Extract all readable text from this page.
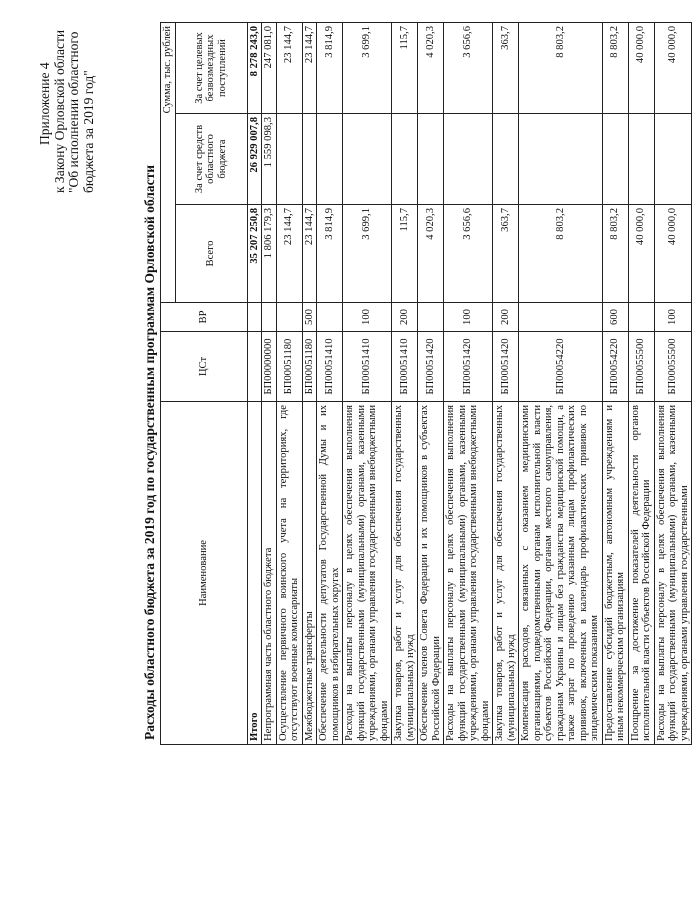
Приложение 4 к Закону Орловской области "Об исполнении областного бюджета за 2019 год"
Расходы областного бюджета за 2019 год по государственным программам Орловской области	Наименование	ЦСт	ВР	Сумма, тыс. рублей		
			Всего	За счет средств областного бюджета	За счет целевых безвозмездных поступлений
Итого			35 207 250,8	26 929 007,8	8 278 243,0
Непрограммная часть областного бюджета	БП00000000		1 806 179,3	1 559 098,3	247 081,0
Осуществление первичного воинского учета на территориях, где отсутствуют военные комиссариаты	БП00051180		23 144,7		23 144,7
Межбюджетные трансферты	БП00051180	500	23 144,7		23 144,7
Обеспечение деятельности депутатов Государственной Думы и их помощников в избирательных округах	БП00051410		3 814,9		3 814,9
Расходы на выплаты персоналу в целях обеспечения выполнения функций государственными (муниципальными) органами, казенными учреждениями, органами управления государственными внебюджетными фондами	БП00051410	100	3 699,1		3 699,1
Закупка товаров, работ и услуг для обеспечения государственных (муниципальных) нужд	БП00051410	200	115,7		115,7
Обеспечение членов Совета Федерации и их помощников в субъектах Российской Федерации	БП00051420		4 020,3		4 020,3
Расходы на выплаты персоналу в целях обеспечения выполнения функций государственными (муниципальными) органами, казенными учреждениями, органами управления государственными внебюджетными фондами	БП00051420	100	3 656,6		3 656,6
Закупка товаров, работ и услуг для обеспечения государственных (муниципальных) нужд	БП00051420	200	363,7		363,7
Компенсация расходов, связанных с оказанием медицинскими организациями, подведомственными органам исполнительной власти субъектов Российской Федерации, органам местного самоуправления, гражданам Украины и лицам без гражданства медицинской помощи, а также затрат по проведению указанным лицам профилактических прививок, включенных в календарь профилактических прививок по эпидемическим показаниям	БП00054220		8 803,2		8 803,2
Предоставление субсидий бюджетным, автономным учреждениям и иным некоммерческим организациям	БП00054220	600	8 803,2		8 803,2
Поощрение за достижение показателей деятельности органов исполнительной власти субъектов Российской Федерации	БП00055500		40 000,0		40 000,0
Расходы на выплаты персоналу в целях обеспечения выполнения функций государственными (муниципальными) органами, казенными учреждениями, органами управления государственными	БП00055500	100	40 000,0		40 000,0
